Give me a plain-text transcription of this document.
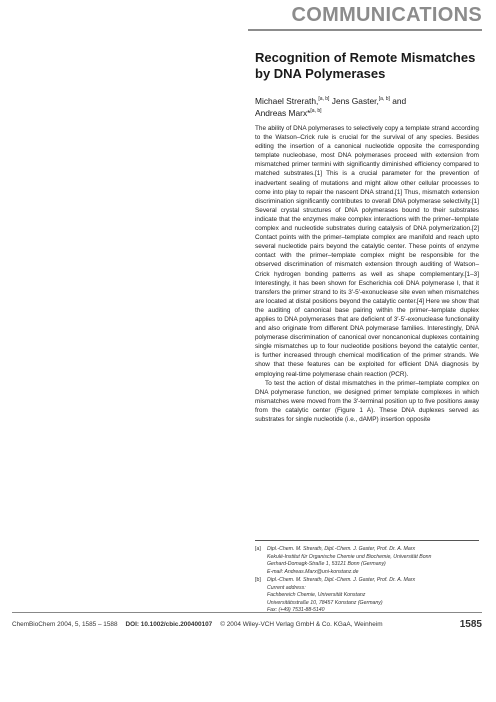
COMMUNICATIONS
Recognition of Remote Mismatches by DNA Polymerases
Michael Strerath,[a, b] Jens Gaster,[a, b] and
Andreas Marx*[a, b]

The ability of DNA polymerases to selectively copy a template strand according to the Watson–Crick rule is crucial for the survival of any species. Besides editing the insertion of a canonical nucleotide opposite the corresponding template nucleobase, most DNA polymerases proceed with extension from mismatched primer termini with significantly diminished efficiency compared to matched substrates.[1] This is a crucial parameter for the prevention of inadvertent sealing of mutations and might allow other cellular processes to come into play to repair the nascent DNA strand.[1] Thus, mismatch extension discrimination significantly contributes to overall DNA polymerase selectivity.[1] Several crystal structures of DNA polymerases bound to their substrates indicate that the enzymes make complex interactions with the primer–template complex and nucleotide substrates during catalysis of DNA polymerization.[2] Contact points with the primer–template complex are manifold and reach upto several nucleotide pairs beyond the catalytic center. These points of enzyme contact with the primer–template complex might be responsible for the observed discrimination of mismatch extension through auditing of Watson–Crick hydrogen bonding patterns as well as shape complementary.[1–3] Interestingly, it has been shown for Escherichia coli DNA polymerase I, that it transfers the primer strand to its 3′-5′-exonuclease site even when mismatches are located at distal positions beyond the catalytic center.[4] Here we show that the auditing of canonical base pairing within the primer–template duplex applies to DNA polymerases that are deficient of 3′-5′-exonuclease functionality and also originate from different DNA polymerase families. Interestingly, DNA polymerase discrimination of canonical over noncanonical duplexes containing single mismatches up to four nucleotide positions beyond the catalytic center, is further increased through chemical modification of the primer strands. We show that these features can be exploited for efficient DNA diagnosis by employing real-time polymerase chain reaction (PCR).

To test the action of distal mismatches in the primer–template complex on DNA polymerase function, we designed primer template complexes in which mismatches were moved from the 3′-terminal position up to five positions away from the catalytic center (Figure 1 A). These DNA duplexes served as substrates for single nucleotide (i.e., dAMP) insertion opposite

[a]	Dipl.-Chem. M. Strerath, Dipl.-Chem. J. Gaster, Prof. Dr. A. Marx
Kekulé-Institut für Organische Chemie und Biochemie, Universität Bonn
Gerhard-Domagk-Straße 1, 53121 Bonn (Germany)
E-mail: Andreas.Marx@uni-konstanz.de
[b]	Dipl.-Chem. M. Strerath, Dipl.-Chem. J. Gaster, Prof. Dr. A. Marx
Current address:
Fachbereich Chemie, Universität Konstanz
Universitätsstraße 10, 78457 Konstanz (Germany)
Fax: (+49) 7531-88-5140
ChemBioChem 2004, 5, 1585 – 1588 DOI: 10.1002/cbic.200400107 © 2004 Wiley-VCH Verlag GmbH & Co. KGaA, Weinheim	1585
